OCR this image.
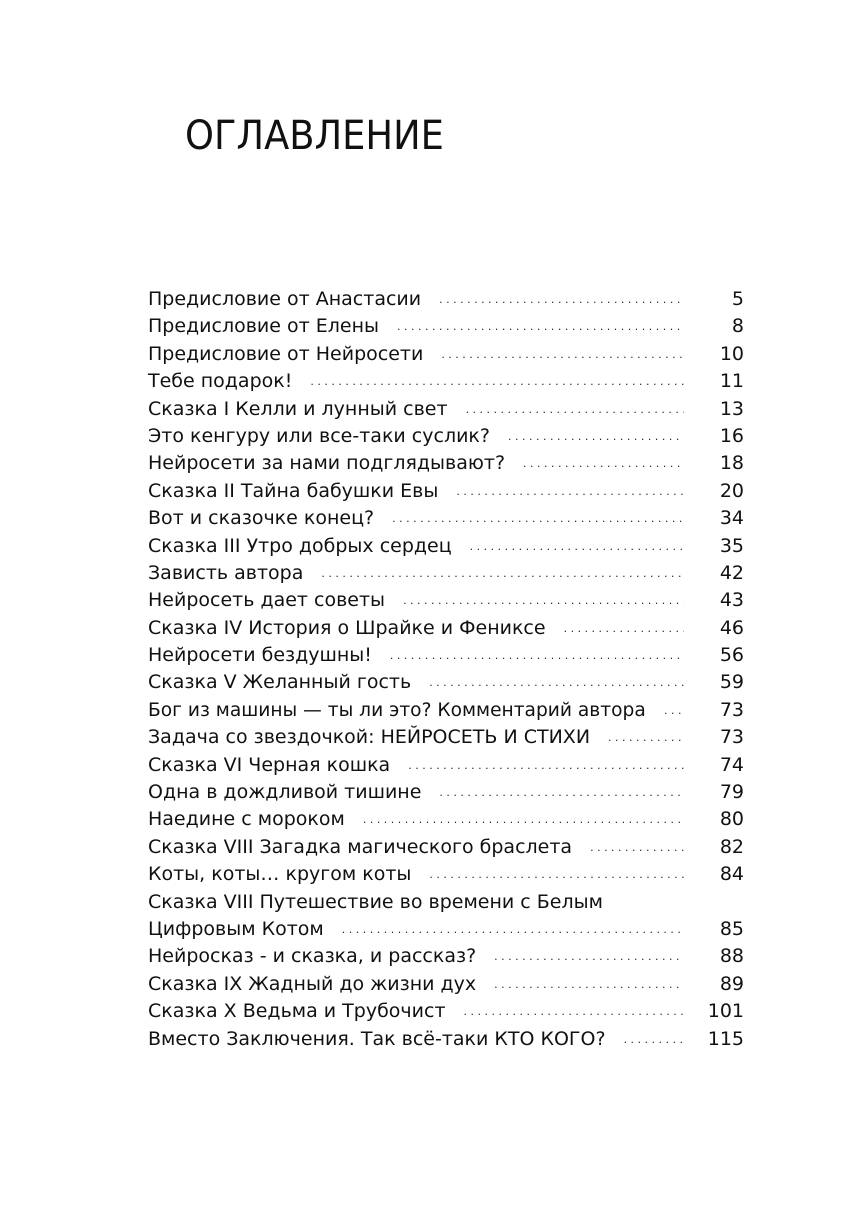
ОГЛАВЛЕНИЕ
Предисловие от Анастасии . . .	5
Предисловие от Елены . . .	8
Предисловие от Нейросети . . .	10
Тебе подарок! . . .	11
Сказка I Келли и лунный свет . . .	13
Это кенгуру или все-таки суслик? . . .	16
Нейросети за нами подглядывают? . . .	18
Сказка II Тайна бабушки Евы . . .	20
Вот и сказочке конец? . . .	34
Сказка III Утро добрых сердец . . .	35
Зависть автора . . .	42
Нейросеть дает советы . . .	43
Сказка IV История о Шрайке и Фениксе . . .	46
Нейросети бездушны! . . .	56
Сказка V Желанный гость . . .	59
Бог из машины — ты ли это? Комментарий автора . . .	73
Задача со звездочкой: НЕЙРОСЕТЬ И СТИХИ . . .	73
Сказка VI Черная кошка . . .	74
Одна в дождливой тишине . . .	79
Наедине с мороком . . .	80
Сказка VIII Загадка магического браслета . . .	82
Коты, коты… кругом коты . . .	84
Сказка VIII Путешествие во времени с Белым
Цифровым Котом . . .	85
Нейросказ - и сказка, и рассказ? . . .	88
Сказка IX Жадный до жизни дух . . .	89
Сказка X Ведьма и Трубочист . . .	101
Вместо Заключения. Так всё-таки КТО КОГО? . . .	115
